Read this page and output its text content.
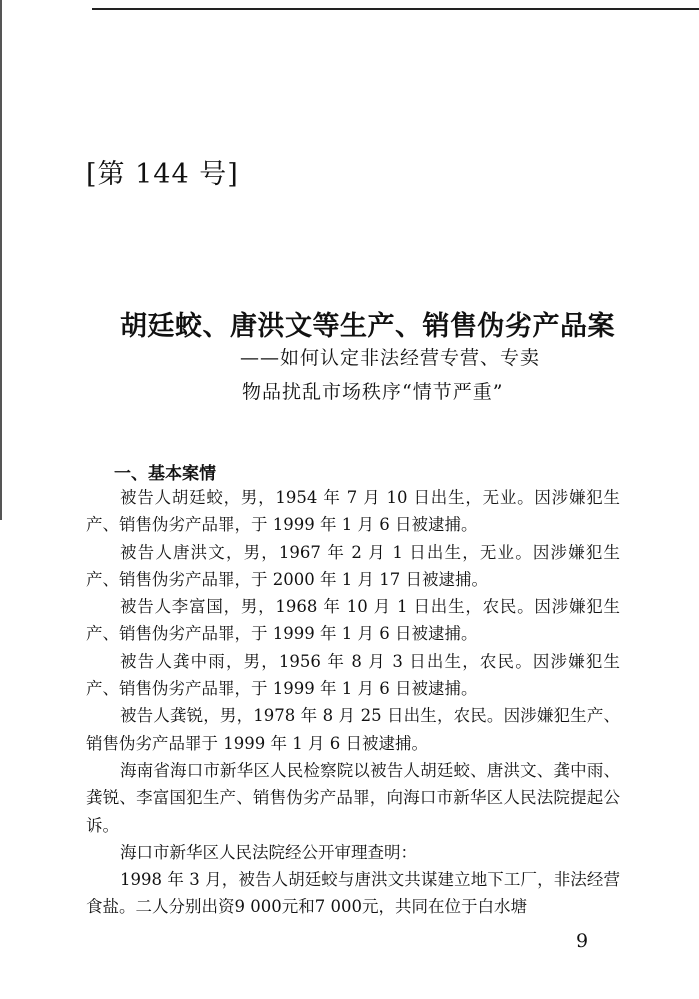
[第 144 号]
胡廷蛟、唐洪文等生产、销售伪劣产品案
——如何认定非法经营专营、专卖
物品扰乱市场秩序“情节严重”
一、基本案情

被告人胡廷蛟，男，1954 年 7 月 10 日出生，无业。因涉嫌犯生产、销售伪劣产品罪，于 1999 年 1 月 6 日被逮捕。

被告人唐洪文，男，1967 年 2 月 1 日出生，无业。因涉嫌犯生产、销售伪劣产品罪，于 2000 年 1 月 17 日被逮捕。

被告人李富国，男，1968 年 10 月 1 日出生，农民。因涉嫌犯生产、销售伪劣产品罪，于 1999 年 1 月 6 日被逮捕。

被告人龚中雨，男，1956 年 8 月 3 日出生，农民。因涉嫌犯生产、销售伪劣产品罪，于 1999 年 1 月 6 日被逮捕。

被告人龚锐，男，1978 年 8 月 25 日出生，农民。因涉嫌犯生产、销售伪劣产品罪于 1999 年 1 月 6 日被逮捕。

海南省海口市新华区人民检察院以被告人胡廷蛟、唐洪文、龚中雨、龚锐、李富国犯生产、销售伪劣产品罪，向海口市新华区人民法院提起公诉。

海口市新华区人民法院经公开审理查明：

1998 年 3 月，被告人胡廷蛟与唐洪文共谋建立地下工厂，非法经营食盐。二人分别出资9 000元和7 000元，共同在位于白水塘

9
